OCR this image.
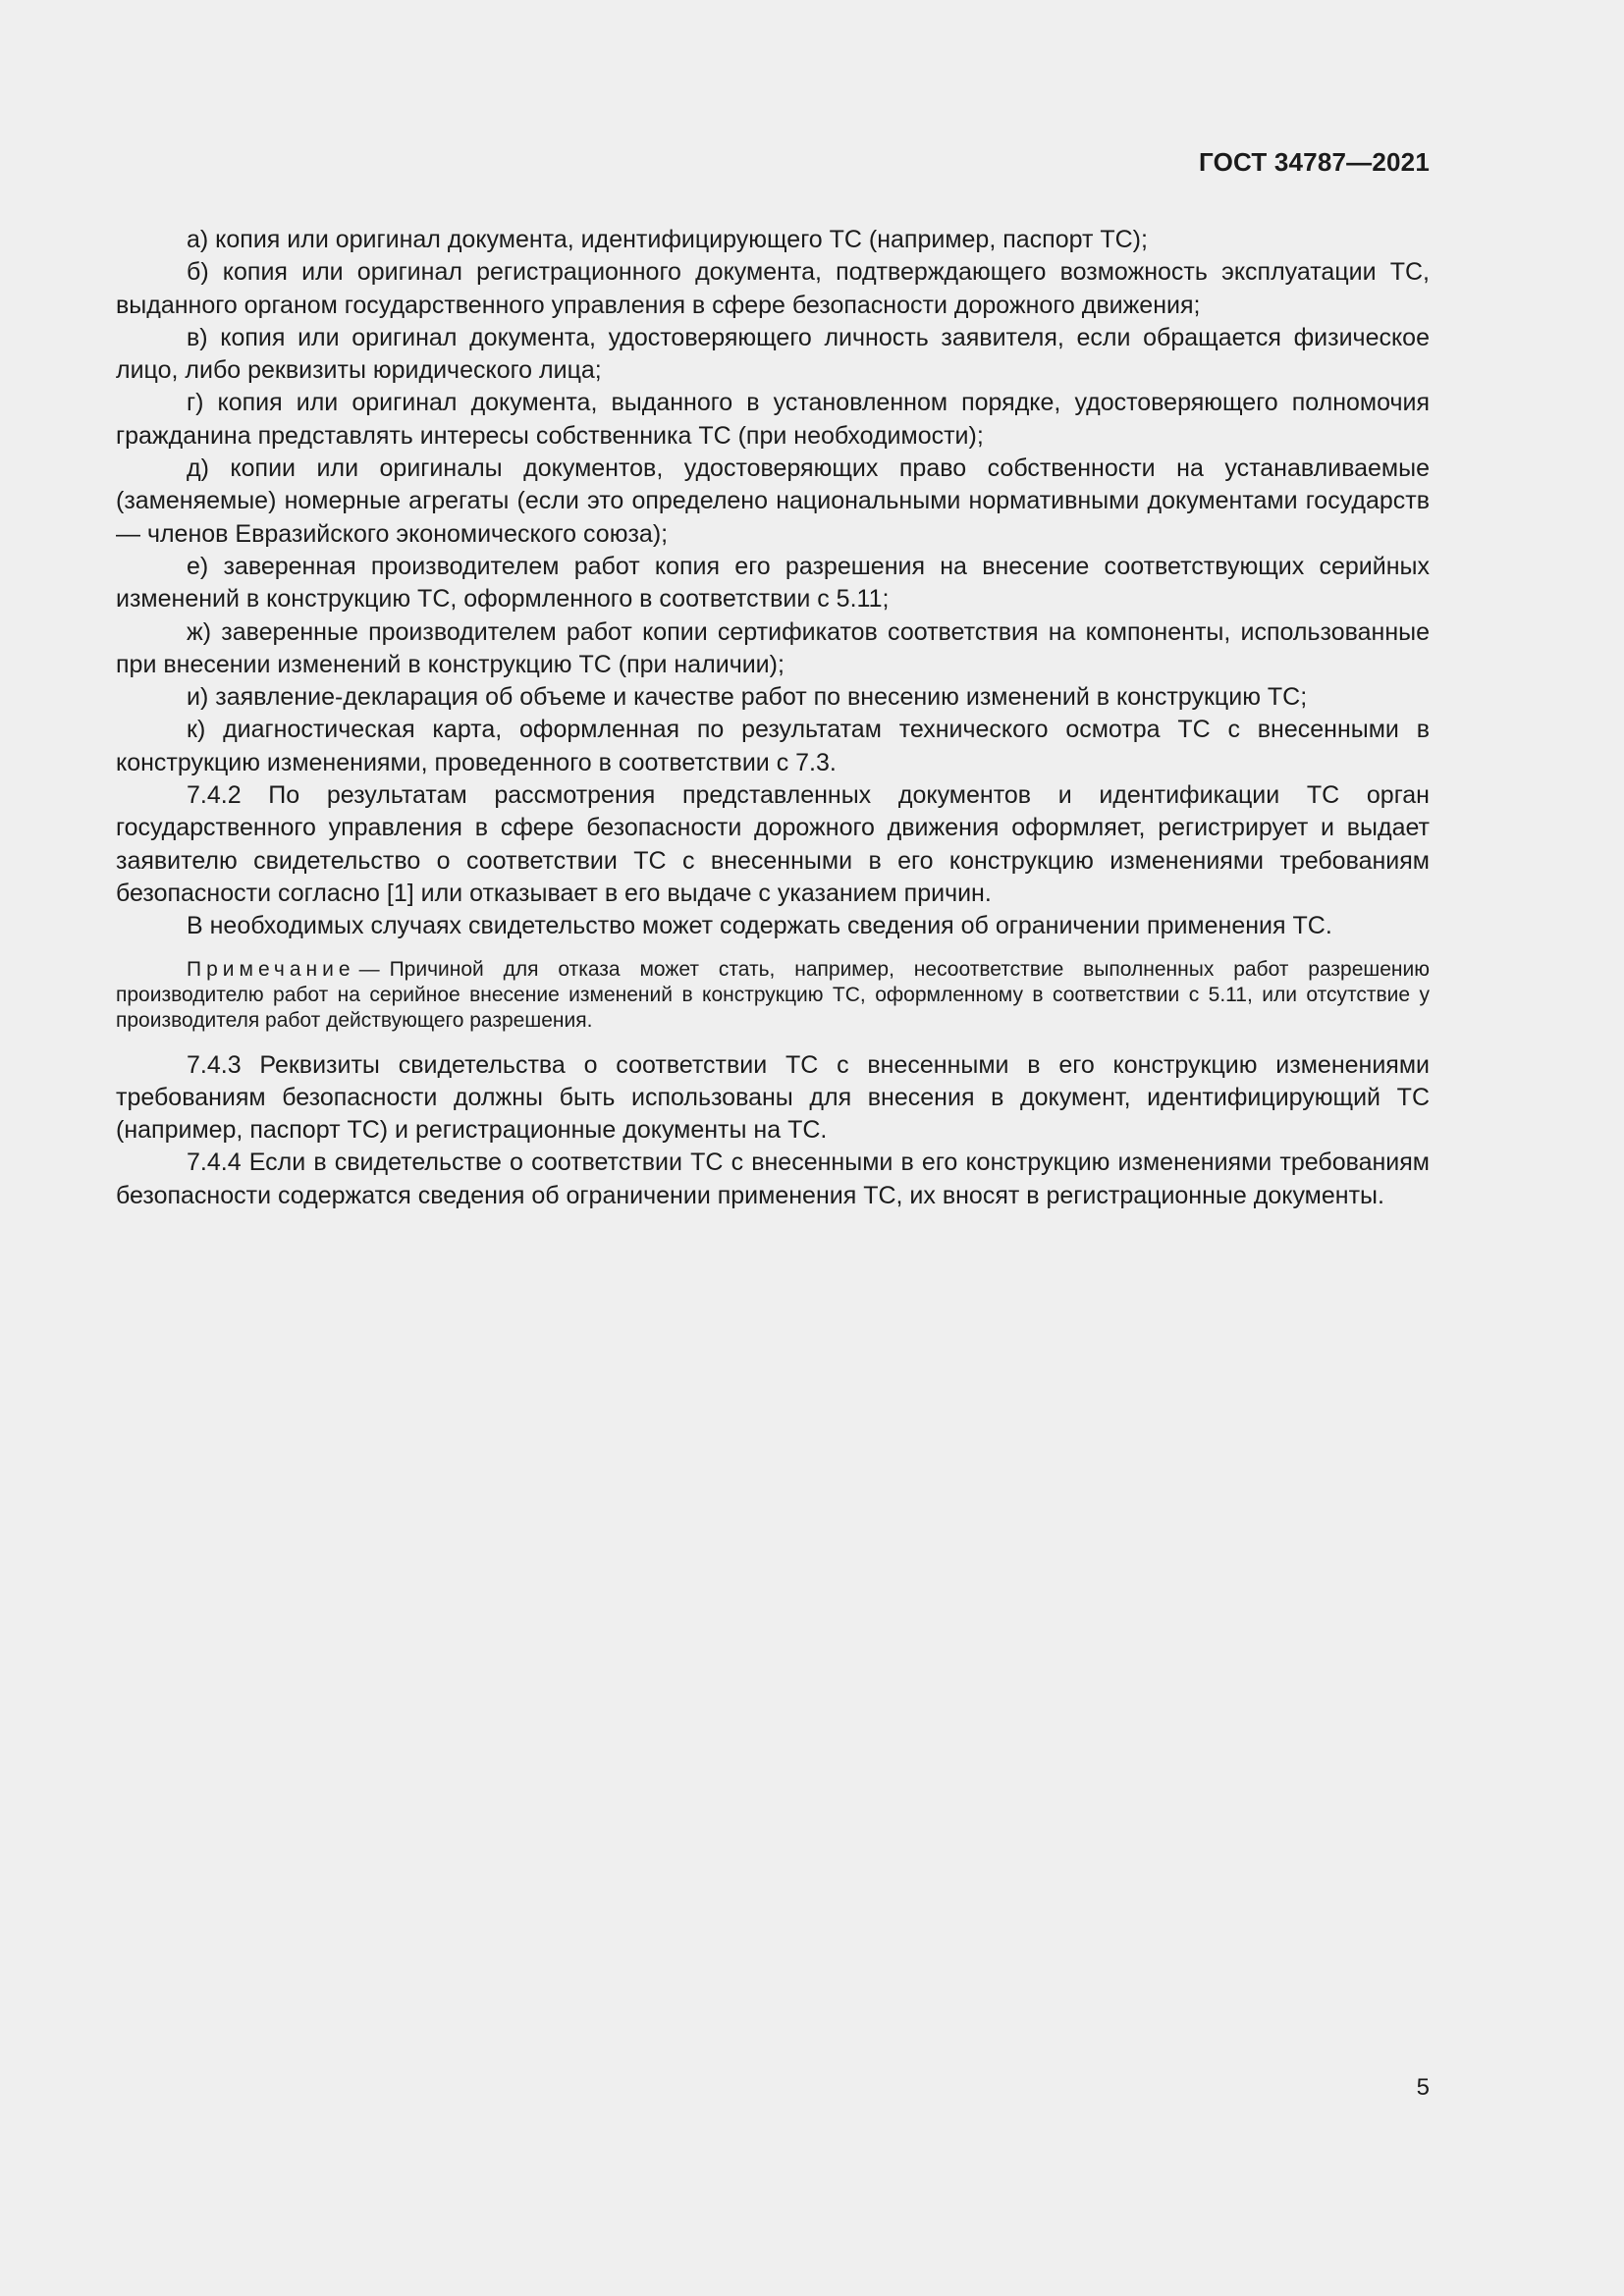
ГОСТ 34787—2021

а) копия или оригинал документа, идентифицирующего ТС (например, паспорт ТС);

б) копия или оригинал регистрационного документа, подтверждающего возможность эксплуатации ТС, выданного органом государственного управления в сфере безопасности дорожного движения;

в) копия или оригинал документа, удостоверяющего личность заявителя, если обращается физическое лицо, либо реквизиты юридического лица;

г) копия или оригинал документа, выданного в установленном порядке, удостоверяющего полномочия гражданина представлять интересы собственника ТС (при необходимости);

д) копии или оригиналы документов, удостоверяющих право собственности на устанавливаемые (заменяемые) номерные агрегаты (если это определено национальными нормативными документами государств — членов Евразийского экономического союза);

е) заверенная производителем работ копия его разрешения на внесение соответствующих серийных изменений в конструкцию ТС, оформленного в соответствии с 5.11;

ж) заверенные производителем работ копии сертификатов соответствия на компоненты, использованные при внесении изменений в конструкцию ТС (при наличии);

и) заявление-декларация об объеме и качестве работ по внесению изменений в конструкцию ТС;

к) диагностическая карта, оформленная по результатам технического осмотра ТС с внесенными в конструкцию изменениями, проведенного в соответствии с 7.3.

7.4.2 По результатам рассмотрения представленных документов и идентификации ТС орган государственного управления в сфере безопасности дорожного движения оформляет, регистрирует и выдает заявителю свидетельство о соответствии ТС с внесенными в его конструкцию изменениями требованиям безопасности согласно [1] или отказывает в его выдаче с указанием причин.

В необходимых случаях свидетельство может содержать сведения об ограничении применения ТС.

Примечание — Причиной для отказа может стать, например, несоответствие выполненных работ разрешению производителю работ на серийное внесение изменений в конструкцию ТС, оформленному в соответствии с 5.11, или отсутствие у производителя работ действующего разрешения.

7.4.3 Реквизиты свидетельства о соответствии ТС с внесенными в его конструкцию изменениями требованиям безопасности должны быть использованы для внесения в документ, идентифицирующий ТС (например, паспорт ТС) и регистрационные документы на ТС.

7.4.4 Если в свидетельстве о соответствии ТС с внесенными в его конструкцию изменениями требованиям безопасности содержатся сведения об ограничении применения ТС, их вносят в регистрационные документы.

5
